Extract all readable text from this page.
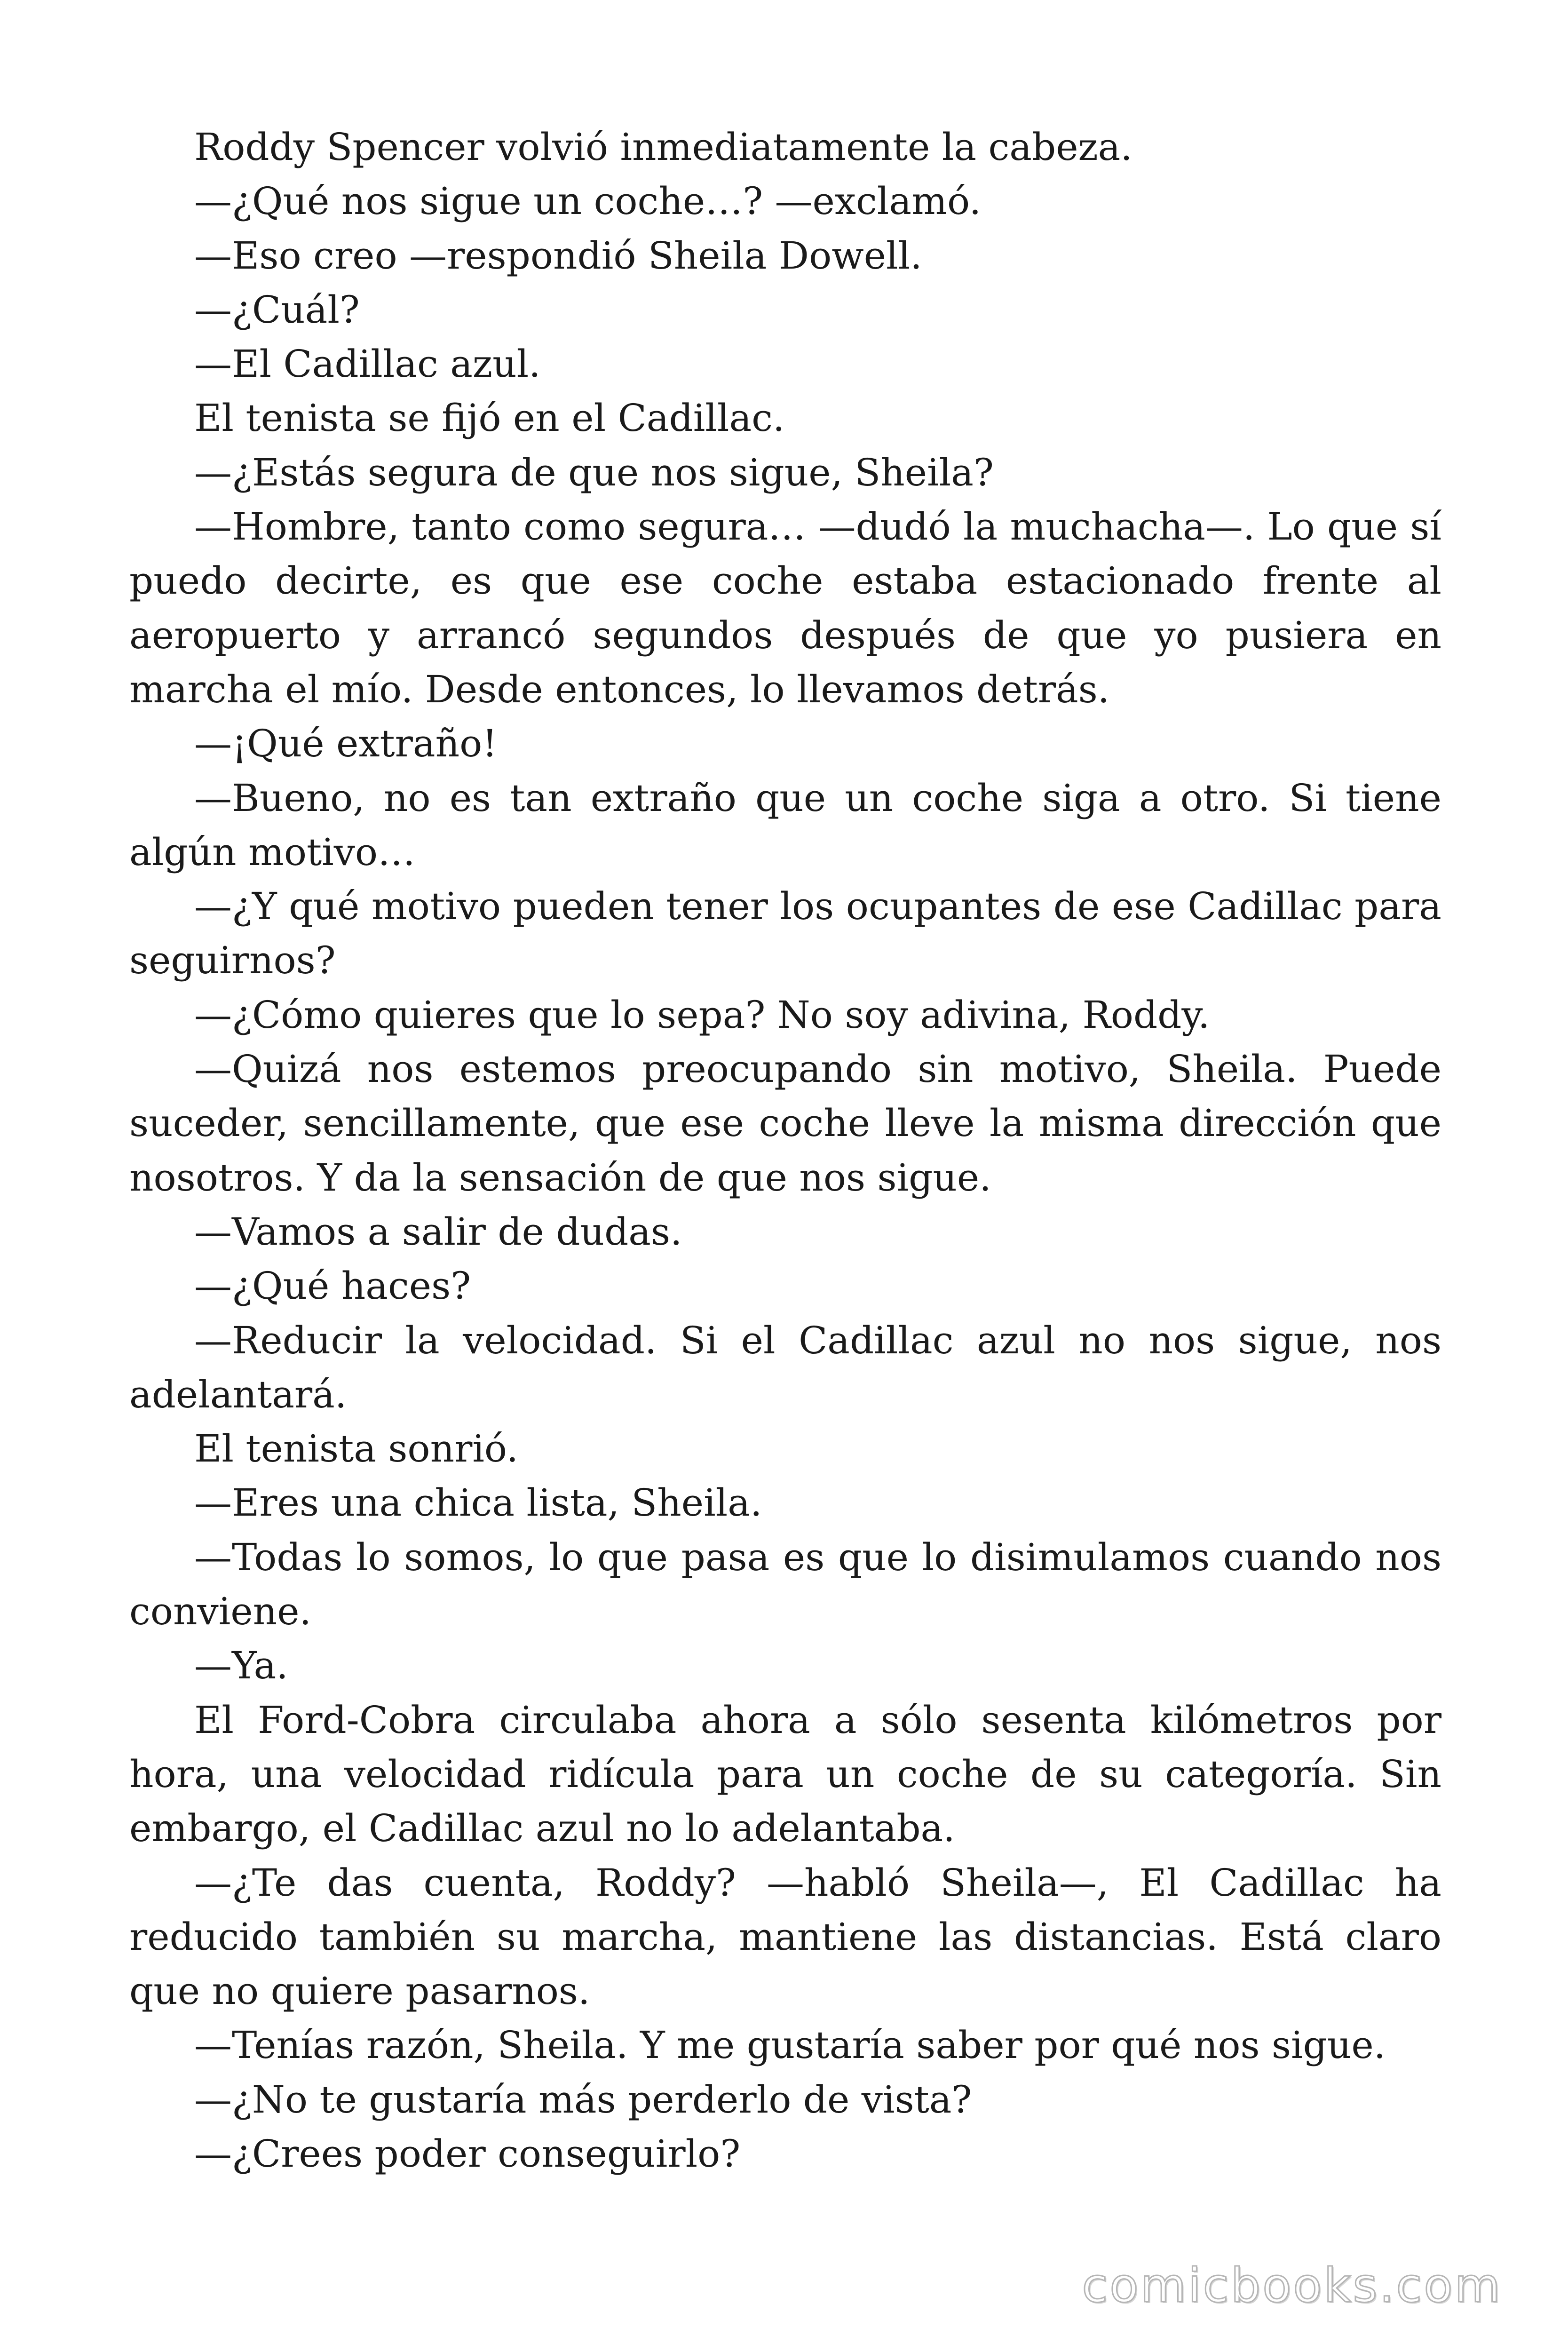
Roddy Spencer volvió inmediatamente la cabeza.

—¿Qué nos sigue un coche…? —exclamó.

—Eso creo —respondió Sheila Dowell.

—¿Cuál?

—El Cadillac azul.

El tenista se fijó en el Cadillac.

—¿Estás segura de que nos sigue, Sheila?

—Hombre, tanto como segura… —dudó la muchacha—. Lo que sí puedo decirte, es que ese coche estaba estacionado frente al aeropuerto y arrancó segundos después de que yo pusiera en marcha el mío. Desde entonces, lo llevamos detrás.

—¡Qué extraño!

—Bueno, no es tan extraño que un coche siga a otro. Si tiene algún motivo…

—¿Y qué motivo pueden tener los ocupantes de ese Cadillac para seguirnos?

—¿Cómo quieres que lo sepa? No soy adivina, Roddy.

—Quizá nos estemos preocupando sin motivo, Sheila. Puede suceder, sencillamente, que ese coche lleve la misma dirección que nosotros. Y da la sensación de que nos sigue.

—Vamos a salir de dudas.

—¿Qué haces?

—Reducir la velocidad. Si el Cadillac azul no nos sigue, nos adelantará.

El tenista sonrió.

—Eres una chica lista, Sheila.

—Todas lo somos, lo que pasa es que lo disimulamos cuando nos conviene.

—Ya.

El Ford-Cobra circulaba ahora a sólo sesenta kilómetros por hora, una velocidad ridícula para un coche de su categoría. Sin embargo, el Cadillac azul no lo adelantaba.

—¿Te das cuenta, Roddy? —habló Sheila—, El Cadillac ha reducido también su marcha, mantiene las distancias. Está claro que no quiere pasarnos.

—Tenías razón, Sheila. Y me gustaría saber por qué nos sigue.

—¿No te gustaría más perderlo de vista?

—¿Crees poder conseguirlo?

comicbooks.com
